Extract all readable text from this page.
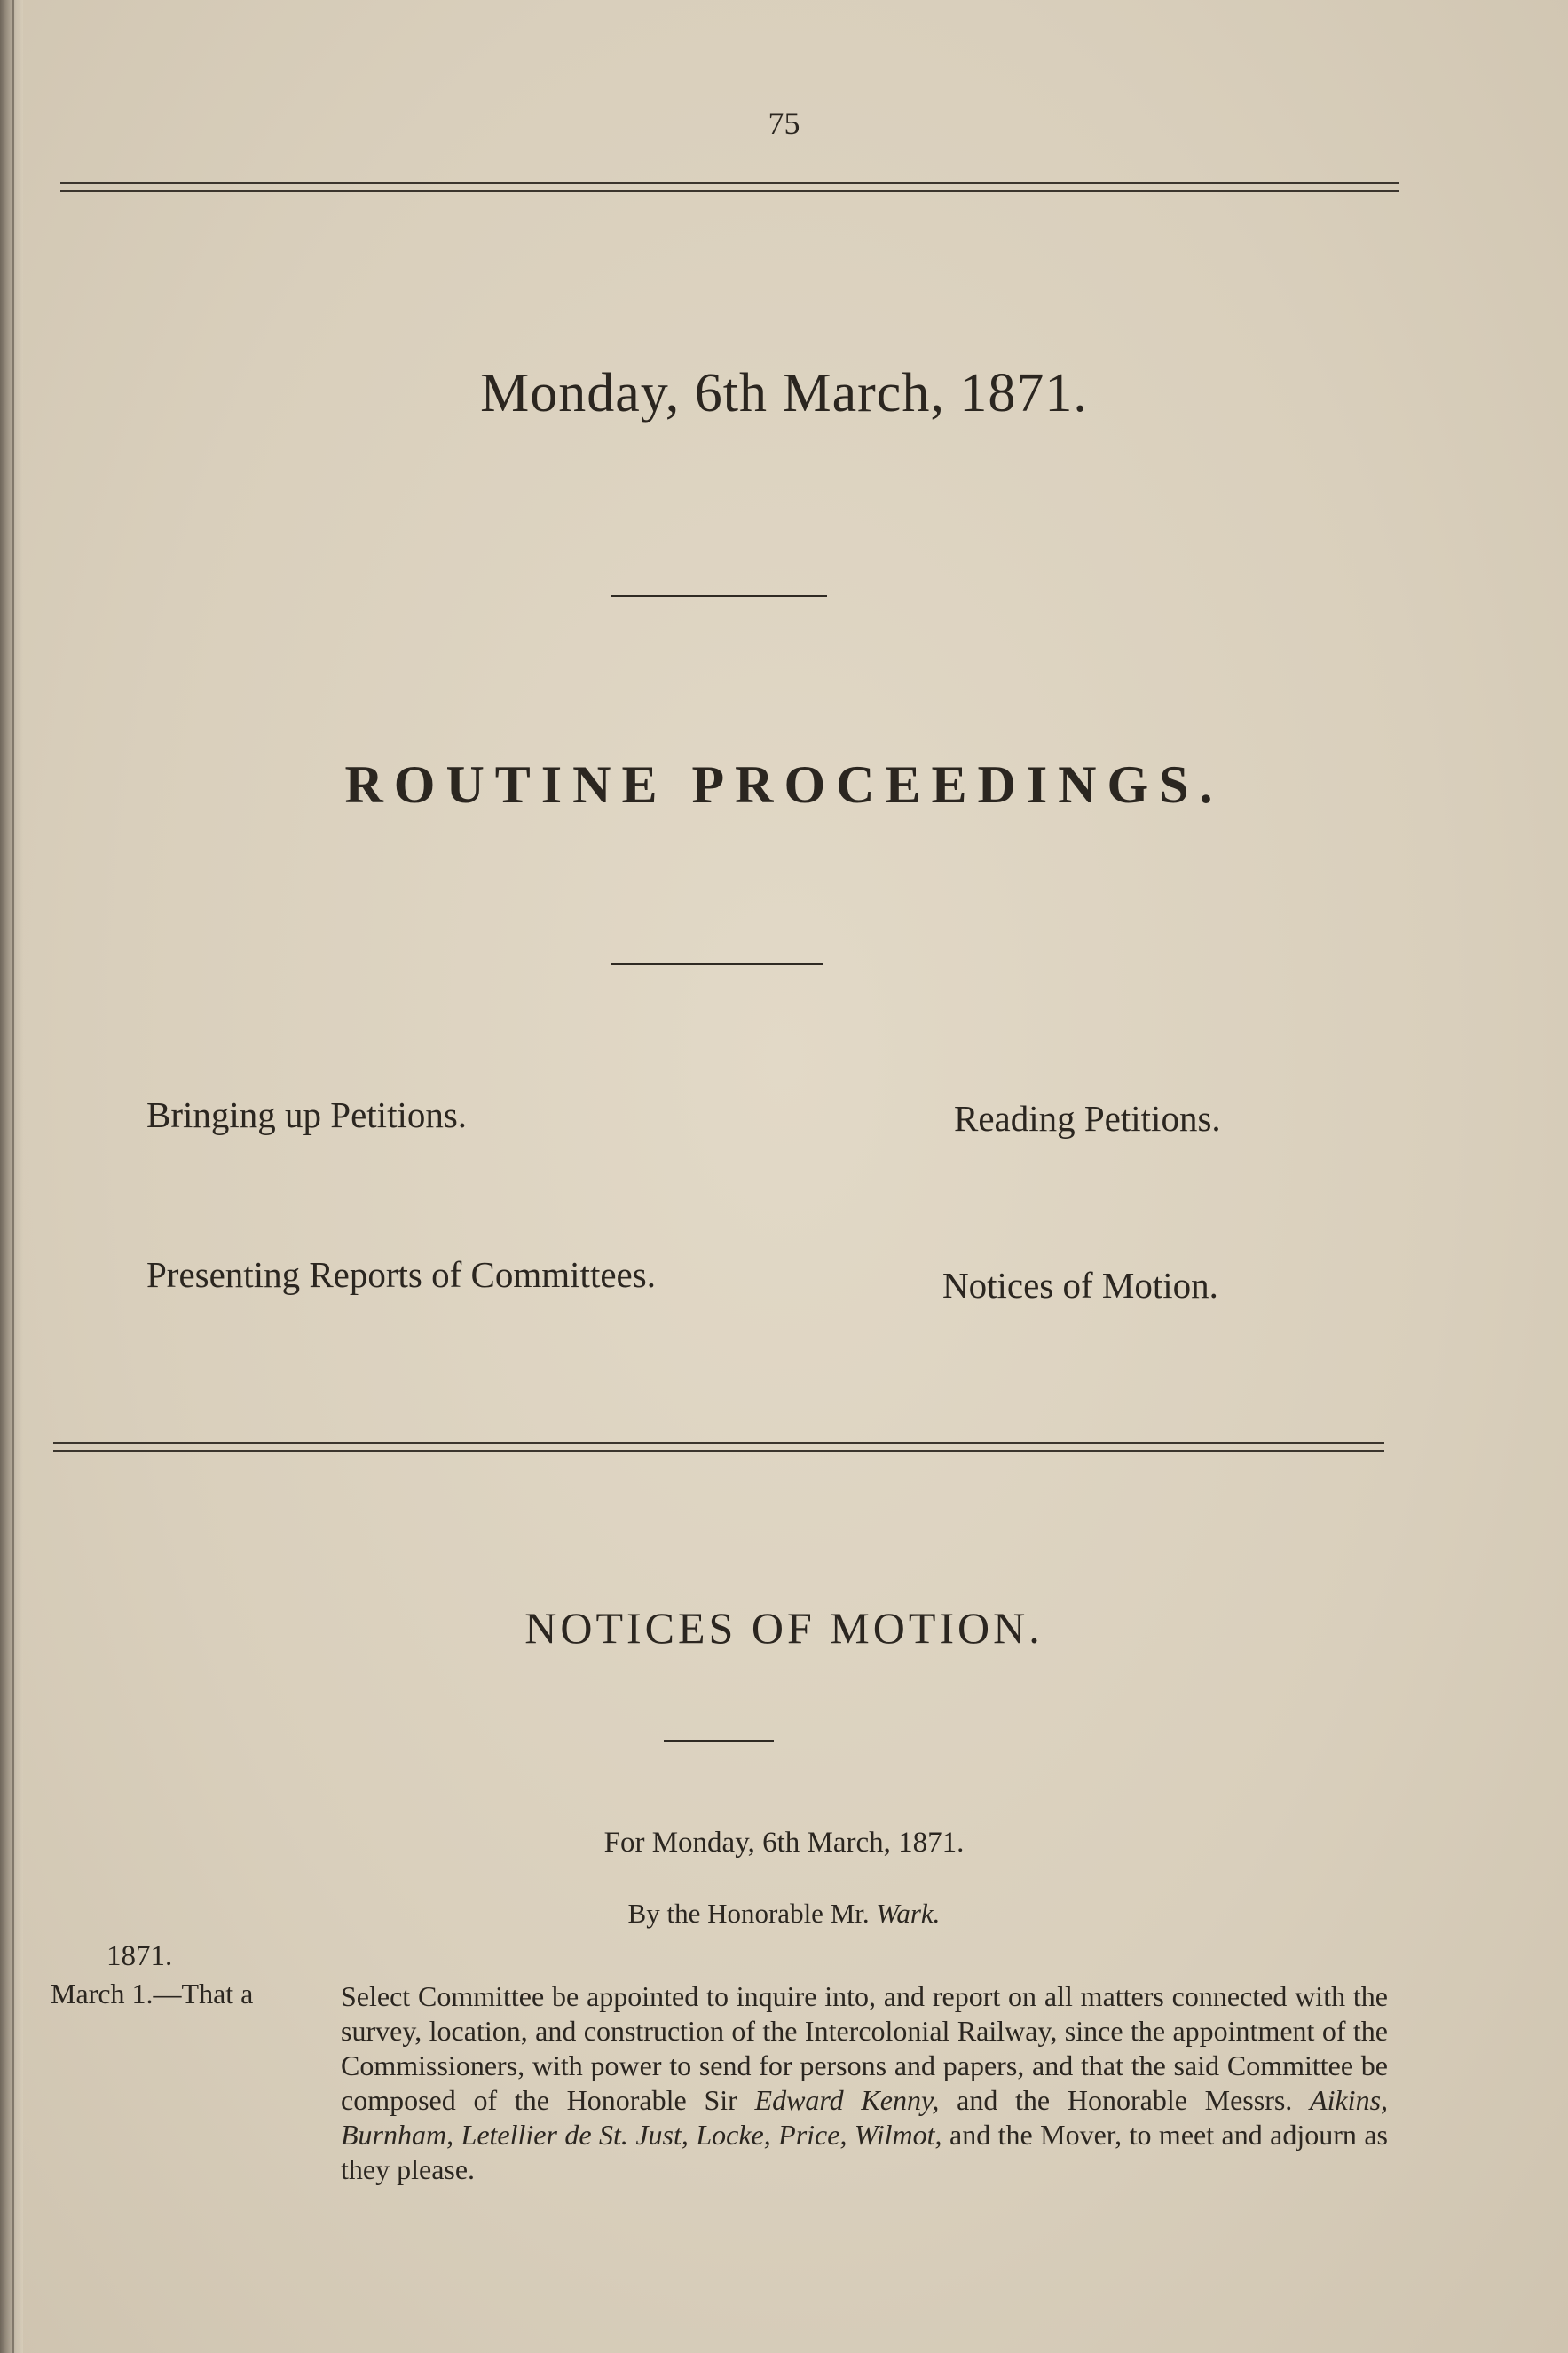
75
Monday, 6th March, 1871.
ROUTINE PROCEEDINGS.
Bringing up Petitions.	Reading Petitions.
Presenting Reports of Committees.	Notices of Motion.
NOTICES OF MOTION.
For Monday, 6th March, 1871.
By the Honorable Mr. Wark.
1871.
March 1.—That a	Select Committee be appointed to inquire into, and report on all matters connected with the survey, location, and construction of the Intercolonial Railway, since the appointment of the Commissioners, with power to send for persons and papers, and that the said Committee be composed of the Honorable Sir Edward Kenny, and the Honorable Messrs. Aikins, Burnham, Letellier de St. Just, Locke, Price, Wilmot, and the Mover, to meet and adjourn as they please.
